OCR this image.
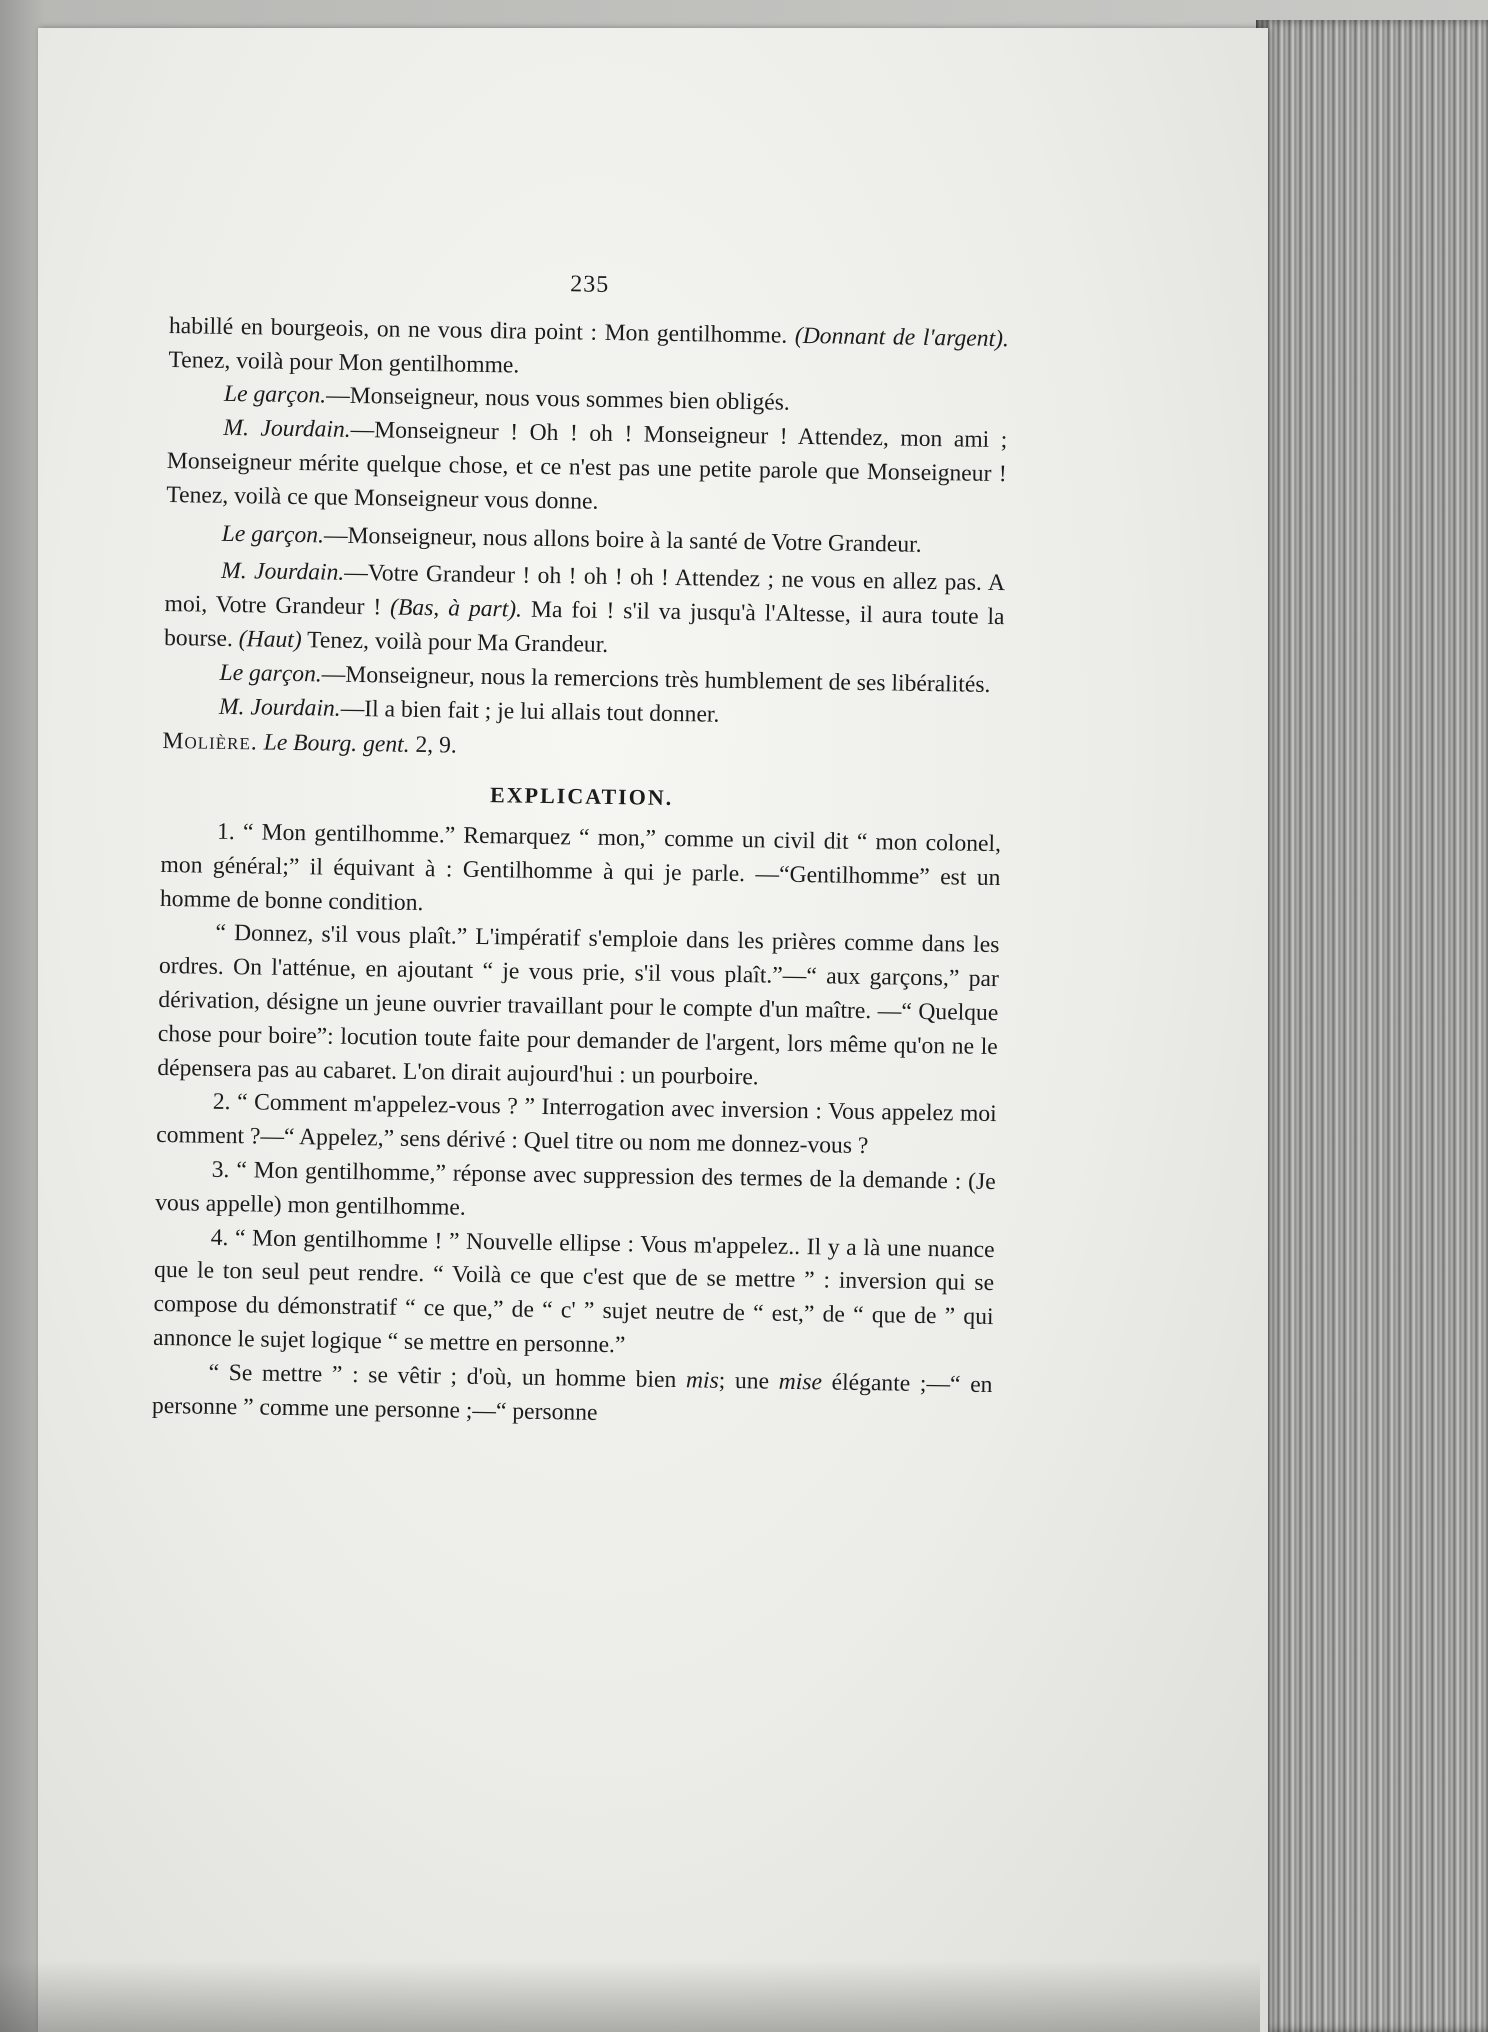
235

habillé en bourgeois, on ne vous dira point : Mon gentilhomme. (Donnant de l'argent). Tenez, voilà pour Mon gentilhomme.

Le garçon.—Monseigneur, nous vous sommes bien obligés.

M. Jourdain.—Monseigneur ! Oh ! oh ! Monseigneur ! Attendez, mon ami ; Monseigneur mérite quelque chose, et ce n'est pas une petite parole que Monseigneur ! Tenez, voilà ce que Monseigneur vous donne.

Le garçon.—Monseigneur, nous allons boire à la santé de Votre Grandeur.

M. Jourdain.—Votre Grandeur ! oh ! oh ! oh ! Attendez ; ne vous en allez pas. A moi, Votre Grandeur ! (Bas, à part). Ma foi ! s'il va jusqu'à l'Altesse, il aura toute la bourse. (Haut) Tenez, voilà pour Ma Grandeur.

Le garçon.—Monseigneur, nous la remercions très humblement de ses libéralités.

M. Jourdain.—Il a bien fait ; je lui allais tout donner.

Molière. Le Bourg. gent. 2, 9.

EXPLICATION.

1. “ Mon gentilhomme.” Remarquez “ mon,” comme un civil dit “ mon colonel, mon général;” il équivant à : Gentilhomme à qui je parle. —“Gentilhomme” est un homme de bonne condition.

“ Donnez, s'il vous plaît.” L'impératif s'emploie dans les prières comme dans les ordres. On l'atténue, en ajoutant “ je vous prie, s'il vous plaît.”—“ aux garçons,” par dérivation, désigne un jeune ouvrier travaillant pour le compte d'un maître. —“ Quelque chose pour boire”: locution toute faite pour demander de l'argent, lors même qu'on ne le dépensera pas au cabaret. L'on dirait aujourd'hui : un pourboire.

2. “ Comment m'appelez-vous ? ” Interrogation avec inversion : Vous appelez moi comment ?—“ Appelez,” sens dérivé : Quel titre ou nom me donnez-vous ?

3. “ Mon gentilhomme,” réponse avec suppression des termes de la demande : (Je vous appelle) mon gentilhomme.

4. “ Mon gentilhomme ! ” Nouvelle ellipse : Vous m'appelez.. Il y a là une nuance que le ton seul peut rendre. “ Voilà ce que c'est que de se mettre ” : inversion qui se compose du démonstratif “ ce que,” de “ c' ” sujet neutre de “ est,” de “ que de ” qui annonce le sujet logique “ se mettre en personne.”

“ Se mettre ” : se vêtir ; d'où, un homme bien mis; une mise élégante ;—“ en personne ” comme une personne ;—“ personne
